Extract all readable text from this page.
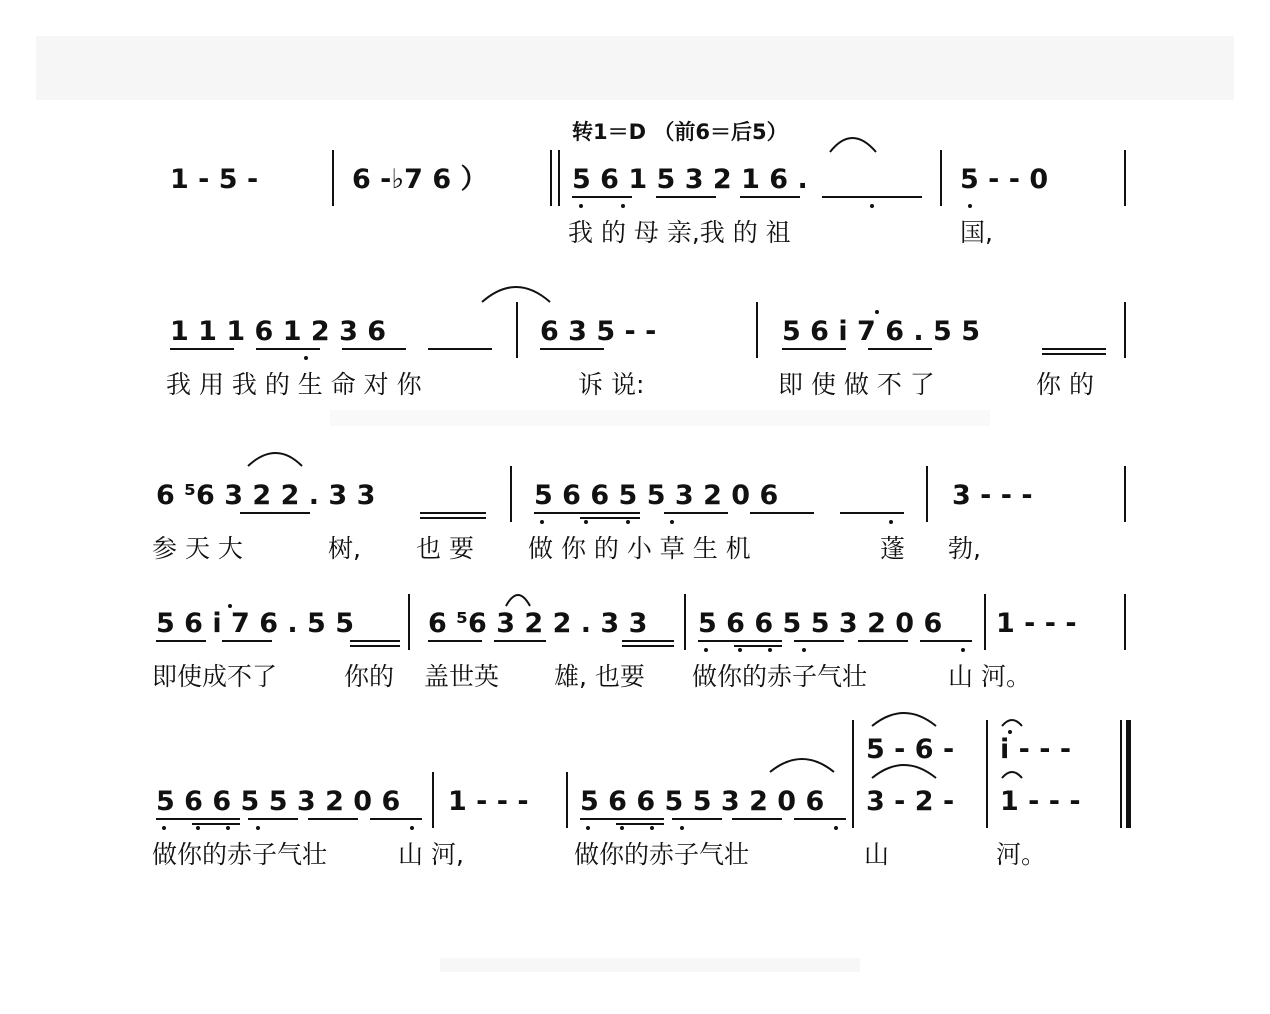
转1＝D （前6＝后5）
1 - 5 -	6 -♭7 6 ）	5 6 1 5 3 2 1 6 .	5 - - 0
我 的 母 亲,我 的 祖	国,
1 1 1 6 1 2 3 6	6 3 5 - -	5 6 i 7 6 . 5 5
我 用 我 的 生 命 对 你	诉 说:	即 使 做 不 了	你 的
6 ⁵6 3 2 2 . 3 3	5 6 6 5 5 3 2 0 6	3 - - -
参 天 大	树, 也 要 做 你 的 小 草 生 机	蓬 勃,
5 6 i 7 6 . 5 5	6 ⁵6 3 2 2 . 3 3 5 6 6 5 5 3 2 0 6 1 - - -
即使成不了	你的 盖世英 雄, 也要 做你的赤子气壮	山 河。
5 6 6 5 5 3 2 0 6 1 - - - 5 6 6 5 5 3 2 0 6
5 - 6 -
3 - 2 -
i - - -
1 - - -
做你的赤子气壮	山 河,	做你的赤子气壮	山	河。
